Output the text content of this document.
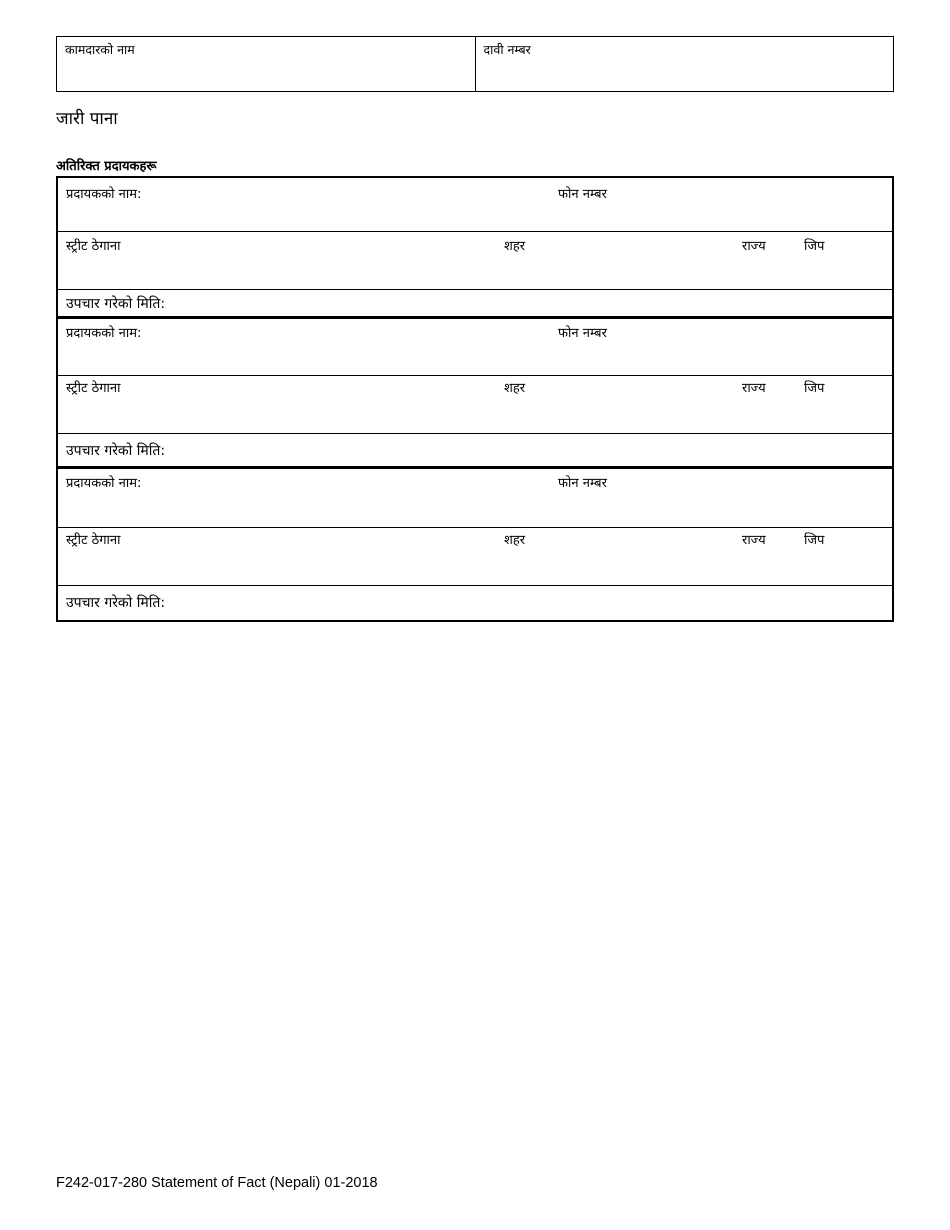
कामदारको नाम	दावी नम्बर
जारी पाना
अतिरिक्त प्रदायकहरू
प्रदायकको नाम:	फोन नम्बर
स्ट्रीट ठेगाना	शहर	राज्य	जिप
उपचार गरेको मिति:
प्रदायकको नाम:	फोन नम्बर
स्ट्रीट ठेगाना	शहर	राज्य	जिप
उपचार गरेको मिति:
प्रदायकको नाम:	फोन नम्बर
स्ट्रीट ठेगाना	शहर	राज्य	जिप
उपचार गरेको मिति:
F242-017-280 Statement of Fact (Nepali) 01-2018
